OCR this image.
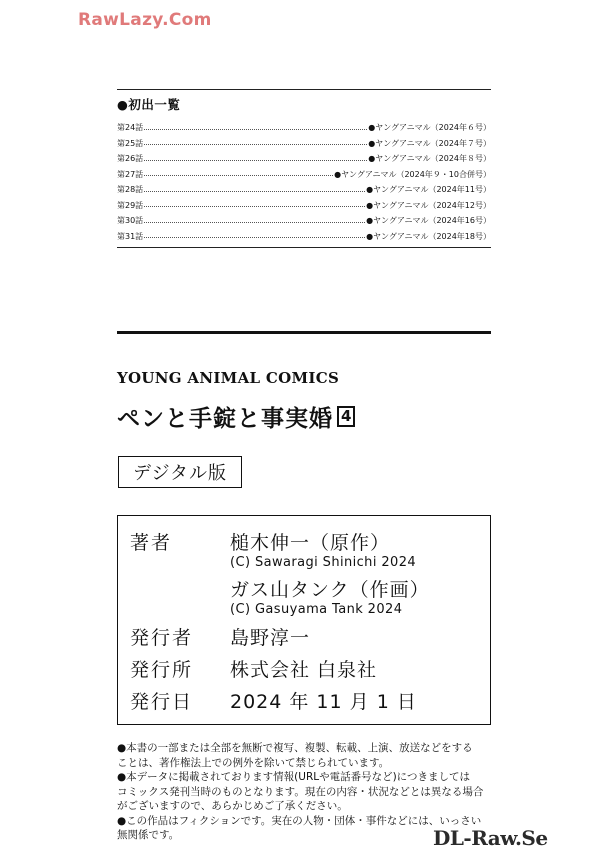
RawLazy.Com
●初出一覧
第24話	●ヤングアニマル（2024年６号）
第25話	●ヤングアニマル（2024年７号）
第26話	●ヤングアニマル（2024年８号）
第27話	●ヤングアニマル（2024年９・10合併号）
第28話	●ヤングアニマル（2024年11号）
第29話	●ヤングアニマル（2024年12号）
第30話	●ヤングアニマル（2024年16号）
第31話	●ヤングアニマル（2024年18号）
YOUNG ANIMAL COMICS
ペンと手錠と事実婚 4
デジタル版
著者	槌木伸一（原作）
(C) Sawaragi Shinichi 2024
ガス山タンク（作画）
(C) Gasuyama Tank 2024
発行者 島野淳一
発行所 株式会社 白泉社
発行日 2024 年 11 月 1 日

●本書の一部または全部を無断で複写、複製、転載、上演、放送などをする
ことは、著作権法上での例外を除いて禁じられています。

●本データに掲載されております情報(URLや電話番号など)につきましては
コミックス発刊当時のものとなります。現在の内容・状況などとは異なる場合
がございますので、あらかじめご了承ください。

●この作品はフィクションです。実在の人物・団体・事件などには、いっさい
無関係です。	DL-Raw.Se
